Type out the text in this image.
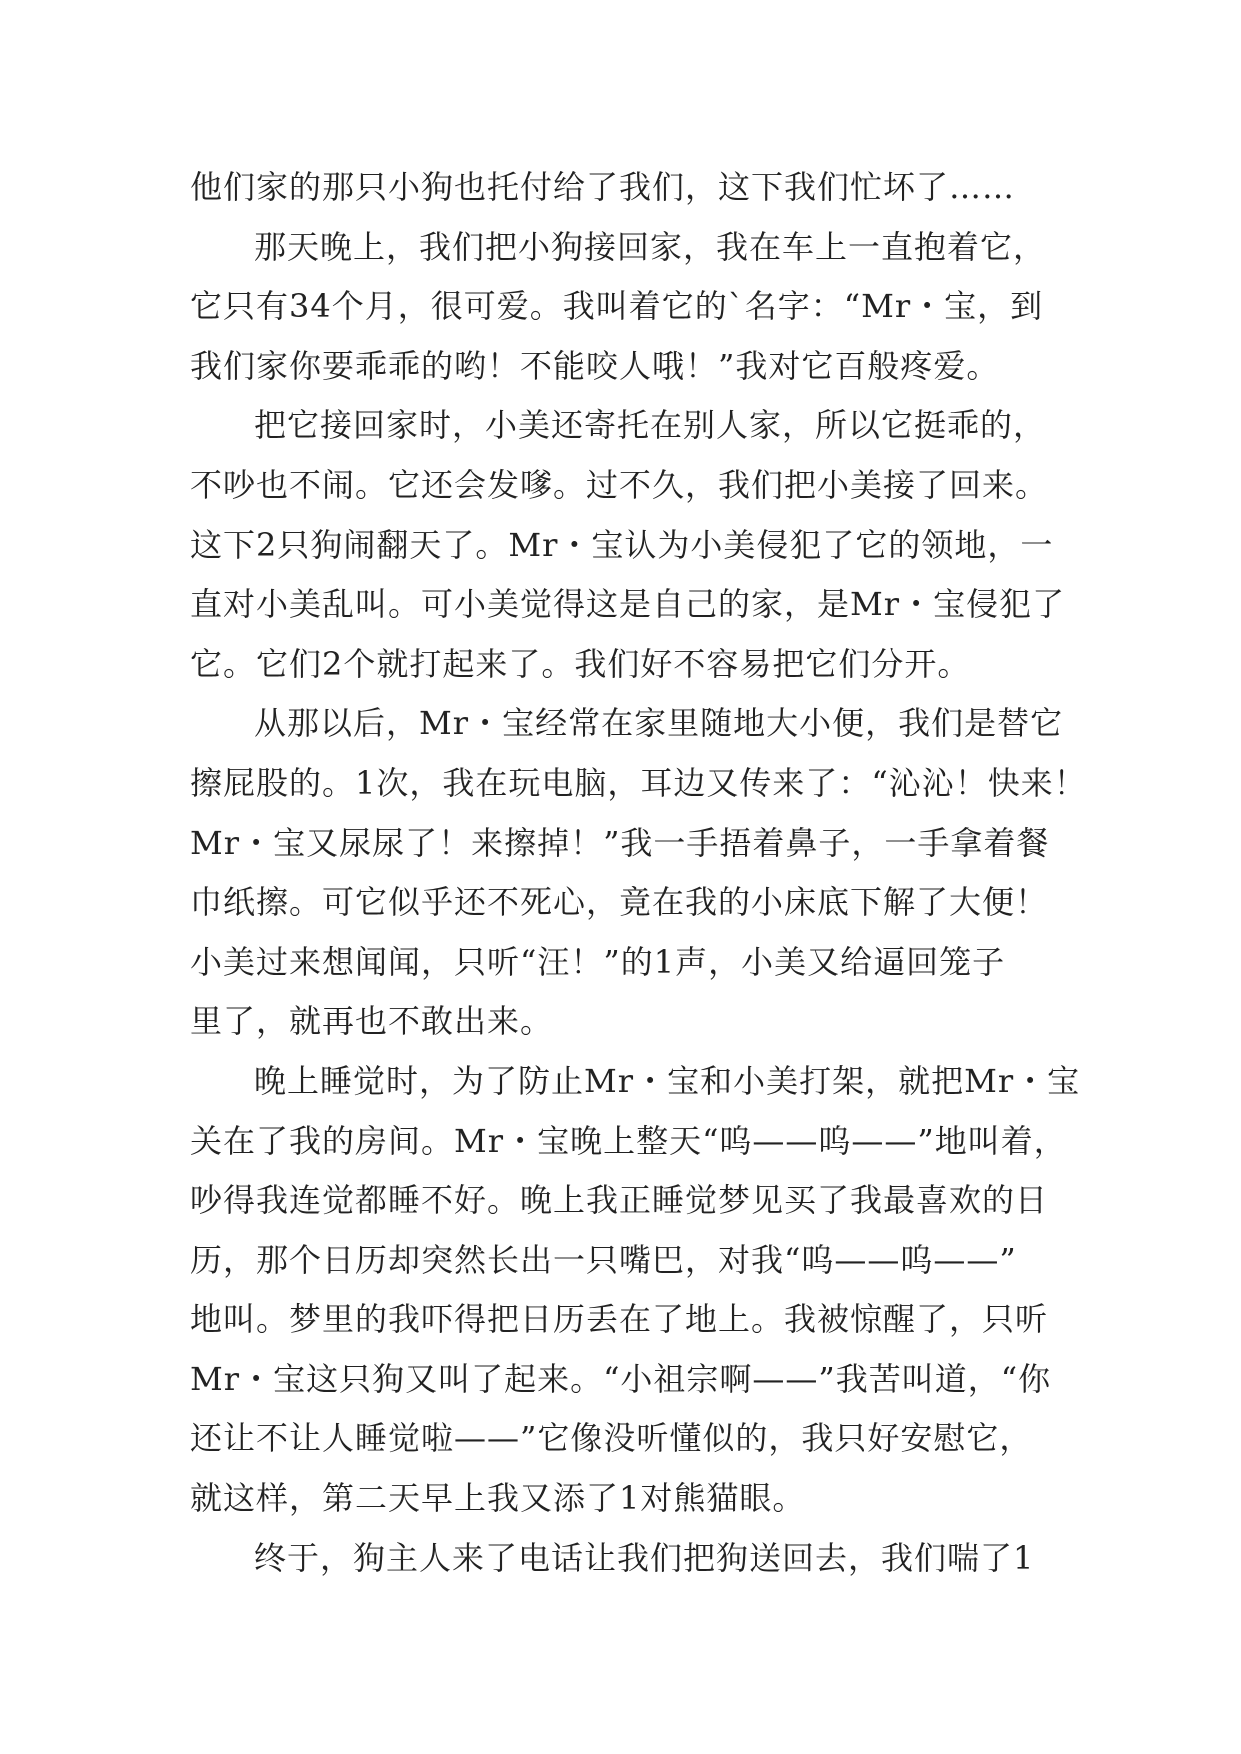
他们家的那只小狗也托付给了我们，这下我们忙坏了……
那天晚上，我们把小狗接回家，我在车上一直抱着它，
它只有34个月，很可爱。我叫着它的`名字：“Mr・宝，到
我们家你要乖乖的哟！不能咬人哦！”我对它百般疼爱。
把它接回家时，小美还寄托在别人家，所以它挺乖的，
不吵也不闹。它还会发嗲。过不久，我们把小美接了回来。
这下2只狗闹翻天了。Mr・宝认为小美侵犯了它的领地，一
直对小美乱叫。可小美觉得这是自己的家，是Mr・宝侵犯了
它。它们2个就打起来了。我们好不容易把它们分开。
从那以后，Mr・宝经常在家里随地大小便，我们是替它
擦屁股的。1次，我在玩电脑，耳边又传来了：“沁沁！快来！
Mr・宝又尿尿了！来擦掉！”我一手捂着鼻子，一手拿着餐
巾纸擦。可它似乎还不死心，竟在我的小床底下解了大便！
小美过来想闻闻，只听“汪！”的1声，小美又给逼回笼子
里了，就再也不敢出来。
晚上睡觉时，为了防止Mr・宝和小美打架，就把Mr・宝
关在了我的房间。Mr・宝晚上整天“呜——呜——”地叫着，
吵得我连觉都睡不好。晚上我正睡觉梦见买了我最喜欢的日
历，那个日历却突然长出一只嘴巴，对我“呜——呜——”
地叫。梦里的我吓得把日历丢在了地上。我被惊醒了，只听
Mr・宝这只狗又叫了起来。“小祖宗啊——”我苦叫道，“你
还让不让人睡觉啦——”它像没听懂似的，我只好安慰它，
就这样，第二天早上我又添了1对熊猫眼。
终于，狗主人来了电话让我们把狗送回去，我们喘了1
